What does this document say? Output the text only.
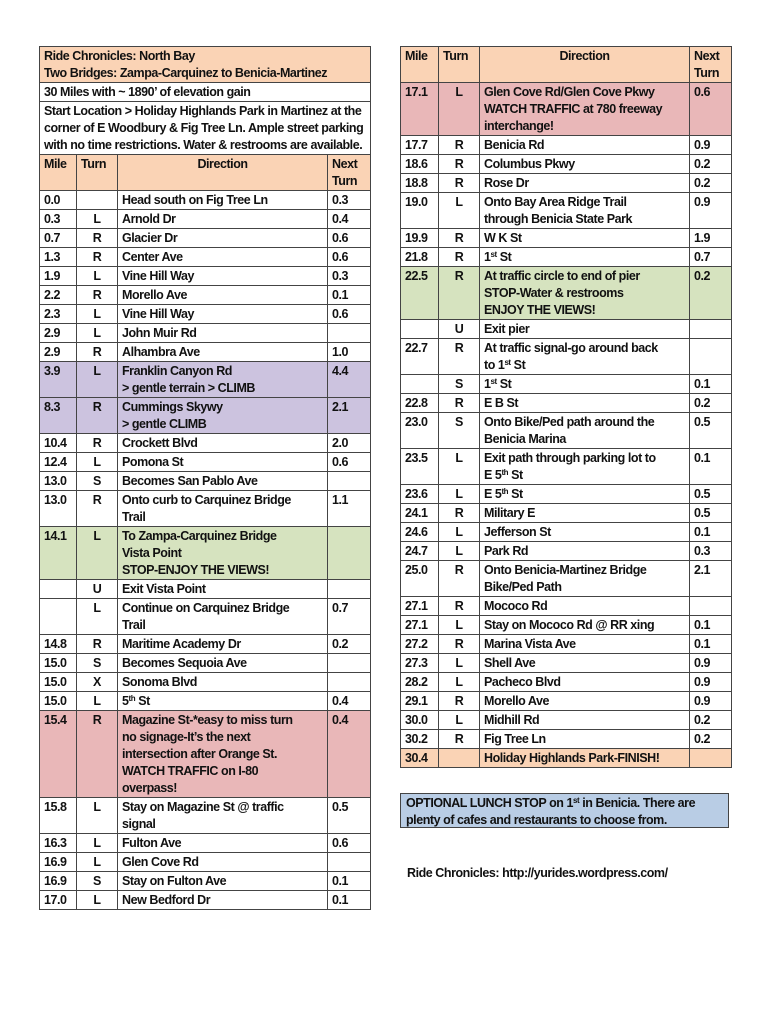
Ride Chronicles: North Bay
Two Bridges: Zampa-Carquinez to Benicia-Martinez			

30 Miles with ~ 1890’ of elevation gain			
Start Location > Holiday Highlands Park in Martinez at the corner of E Woodbury & Fig Tree Ln. Ample street parking with no time restrictions. Water & restrooms are available.			
Mile	Turn	Direction	Next Turn
0.0		Head south on Fig Tree Ln	0.3
0.3	L	Arnold Dr	0.4
0.7	R	Glacier Dr	0.6
1.3	R	Center Ave	0.6
1.9	L	Vine Hill Way	0.3
2.2	R	Morello Ave	0.1
2.3	L	Vine Hill Way	0.6
2.9	L	John Muir Rd	
2.9	R	Alhambra Ave	1.0
3.9	L	Franklin Canyon Rd
> gentle terrain > CLIMB	4.4
8.3	R	Cummings Skywy
> gentle CLIMB	2.1
10.4	R	Crockett Blvd	2.0
12.4	L	Pomona St	0.6
13.0	S	Becomes San Pablo Ave	
13.0	R	Onto curb to Carquinez Bridge
Trail	1.1
14.1	L	To Zampa-Carquinez Bridge
Vista Point
STOP-ENJOY THE VIEWS!	
	U	Exit Vista Point	
	L	Continue on Carquinez Bridge
Trail	0.7
14.8	R	Maritime Academy Dr	0.2
15.0	S	Becomes Sequoia Ave	
15.0	X	Sonoma Blvd	
15.0	L	5th St	0.4
15.4	R	Magazine St-*easy to miss turn
no signage-It’s the next
intersection after Orange St.
WATCH TRAFFIC on I-80
overpass!	0.4
15.8	L	Stay on Magazine St @ traffic
signal	0.5
16.3	L	Fulton Ave	0.6
16.9	L	Glen Cove Rd	
16.9	S	Stay on Fulton Ave	0.1
17.0	L	New Bedford Dr	0.1
Mile	Turn	Direction	Next Turn
17.1	L	Glen Cove Rd/Glen Cove Pkwy
WATCH TRAFFIC at 780 freeway
interchange!	0.6
17.7	R	Benicia Rd	0.9
18.6	R	Columbus Pkwy	0.2
18.8	R	Rose Dr	0.2
19.0	L	Onto Bay Area Ridge Trail
through Benicia State Park	0.9
19.9	R	W K St	1.9
21.8	R	1st St	0.7
22.5	R	At traffic circle to end of pier
STOP-Water & restrooms
ENJOY THE VIEWS!	0.2
	U	Exit pier	
22.7	R	At traffic signal-go around back
to 1st St	
	S	1st St	0.1
22.8	R	E B St	0.2
23.0	S	Onto Bike/Ped path around the
Benicia Marina	0.5
23.5	L	Exit path through parking lot to
E 5th St	0.1
23.6	L	E 5th St	0.5
24.1	R	Military E	0.5
24.6	L	Jefferson St	0.1
24.7	L	Park Rd	0.3
25.0	R	Onto Benicia-Martinez Bridge
Bike/Ped Path	2.1
27.1	R	Mococo Rd	
27.1	L	Stay on Mococo Rd @ RR xing	0.1
27.2	R	Marina Vista Ave	0.1
27.3	L	Shell Ave	0.9
28.2	L	Pacheco Blvd	0.9
29.1	R	Morello Ave	0.9
30.0	L	Midhill Rd	0.2
30.2	R	Fig Tree Ln	0.2
30.4		Holiday Highlands Park-FINISH!	
OPTIONAL LUNCH STOP on 1st in Benicia. There are plenty of cafes and restaurants to choose from.
Ride Chronicles: http://yurides.wordpress.com/
